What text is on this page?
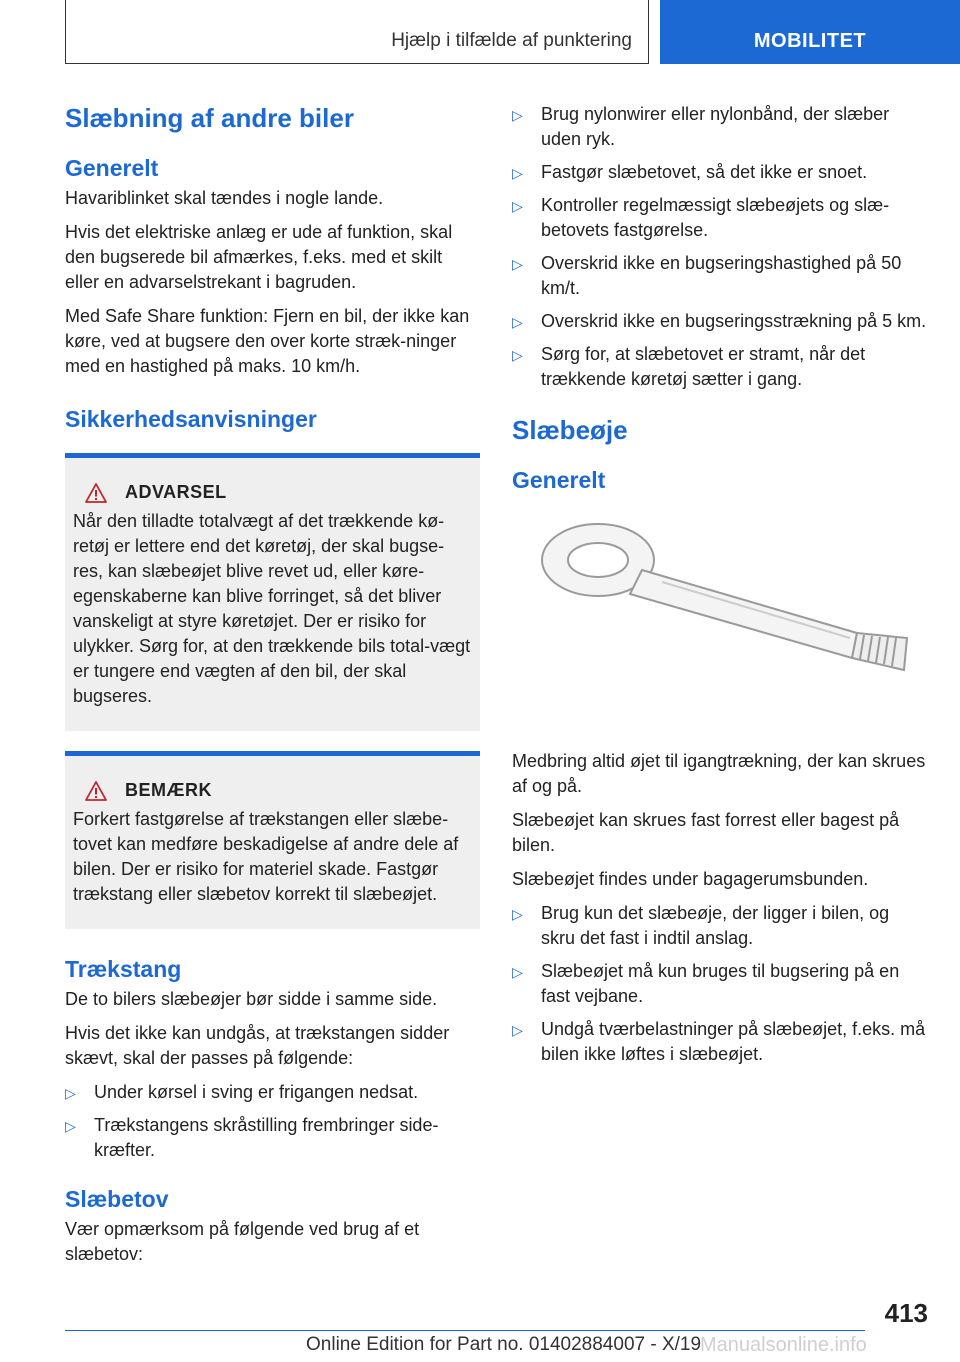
Hjælp i tilfælde af punktering	MOBILITET
Slæbning af andre biler
Generelt

Havariblinket skal tændes i nogle lande.

Hvis det elektriske anlæg er ude af funktion, skal den bugserede bil afmærkes, f.eks. med et skilt eller en advarselstrekant i bagruden.

Med Safe Share funktion: Fjern en bil, der ikke kan køre, ved at bugsere den over korte stræk-ninger med en hastighed på maks. 10 km/h.

Sikkerhedsanvisninger
ADVARSEL

Når den tilladte totalvægt af det trækkende kø-retøj er lettere end det køretøj, der skal bugse-res, kan slæbeøjet blive revet ud, eller køre-egenskaberne kan blive forringet, så det bliver vanskeligt at styre køretøjet. Der er risiko for ulykker. Sørg for, at den trækkende bils total-vægt er tungere end vægten af den bil, der skal bugseres.

BEMÆRK

Forkert fastgørelse af trækstangen eller slæbe-tovet kan medføre beskadigelse af andre dele af bilen. Der er risiko for materiel skade. Fastgør trækstang eller slæbetov korrekt til slæbeøjet.

Trækstang

De to bilers slæbeøjer bør sidde i samme side.

Hvis det ikke kan undgås, at trækstangen sidder skævt, skal der passes på følgende:

▷ Under kørsel i sving er frigangen nedsat.
▷ Trækstangens skråstilling frembringer side-kræfter.
Slæbetov

Vær opmærksom på følgende ved brug af et slæbetov:

▷ Brug nylonwirer eller nylonbånd, der slæber uden ryk.
▷ Fastgør slæbetovet, så det ikke er snoet.
▷ Kontroller regelmæssigt slæbeøjets og slæ-betovets fastgørelse.
▷ Overskrid ikke en bugseringshastighed på 50 km/t.
▷ Overskrid ikke en bugseringsstrækning på 5 km.
▷ Sørg for, at slæbetovet er stramt, når det trækkende køretøj sætter i gang.
Slæbeøje
Generelt

Medbring altid øjet til igangtrækning, der kan skrues af og på.

Slæbeøjet kan skrues fast forrest eller bagest på bilen.

Slæbeøjet findes under bagagerumsbunden.

▷ Brug kun det slæbeøje, der ligger i bilen, og skru det fast i indtil anslag.
▷ Slæbeøjet må kun bruges til bugsering på en fast vejbane.
▷ Undgå tværbelastninger på slæbeøjet, f.eks. må bilen ikke løftes i slæbeøjet.
413
Online Edition for Part no. 01402884007 - X/19
Manualsonline.info
